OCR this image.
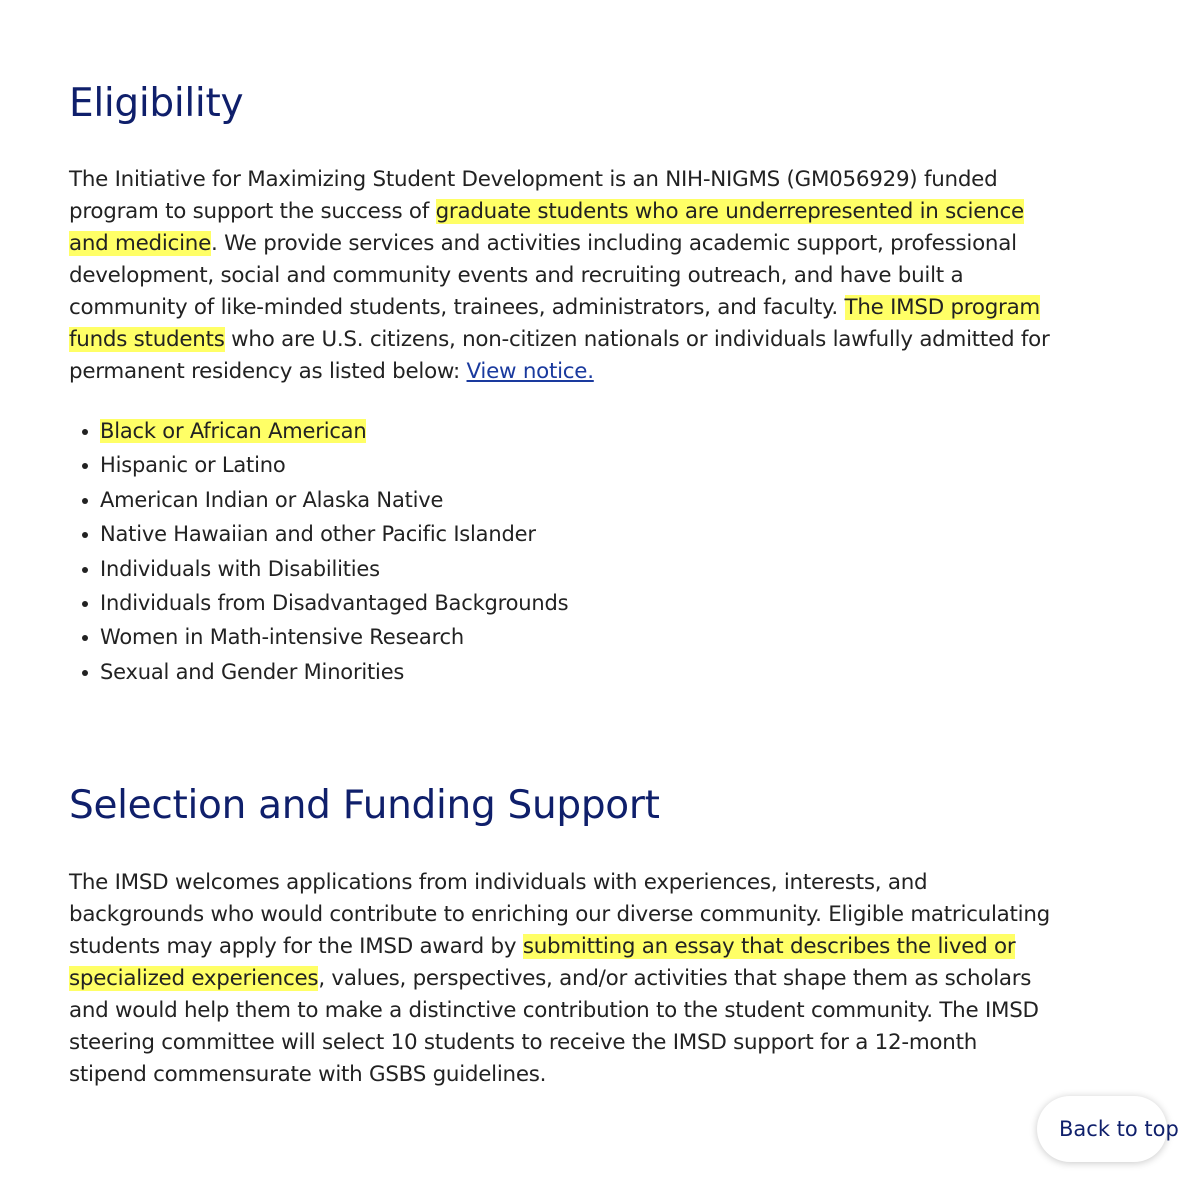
Eligibility

The Initiative for Maximizing Student Development is an NIH-NIGMS (GM056929) funded program to support the success of graduate students who are underrepresented in science and medicine. We provide services and activities including academic support, professional development, social and community events and recruiting outreach, and have built a community of like-minded students, trainees, administrators, and faculty. The IMSD program funds students who are U.S. citizens, non-citizen nationals or individuals lawfully admitted for permanent residency as listed below: View notice.

Black or African American
Hispanic or Latino
American Indian or Alaska Native
Native Hawaiian and other Pacific Islander
Individuals with Disabilities
Individuals from Disadvantaged Backgrounds
Women in Math-intensive Research
Sexual and Gender Minorities
Selection and Funding Support

The IMSD welcomes applications from individuals with experiences, interests, and backgrounds who would contribute to enriching our diverse community. Eligible matriculating students may apply for the IMSD award by submitting an essay that describes the lived or specialized experiences, values, perspectives, and/or activities that shape them as scholars and would help them to make a distinctive contribution to the student community. The IMSD steering committee will select 10 students to receive the IMSD support for a 12-month stipend commensurate with GSBS guidelines.

Back to top
